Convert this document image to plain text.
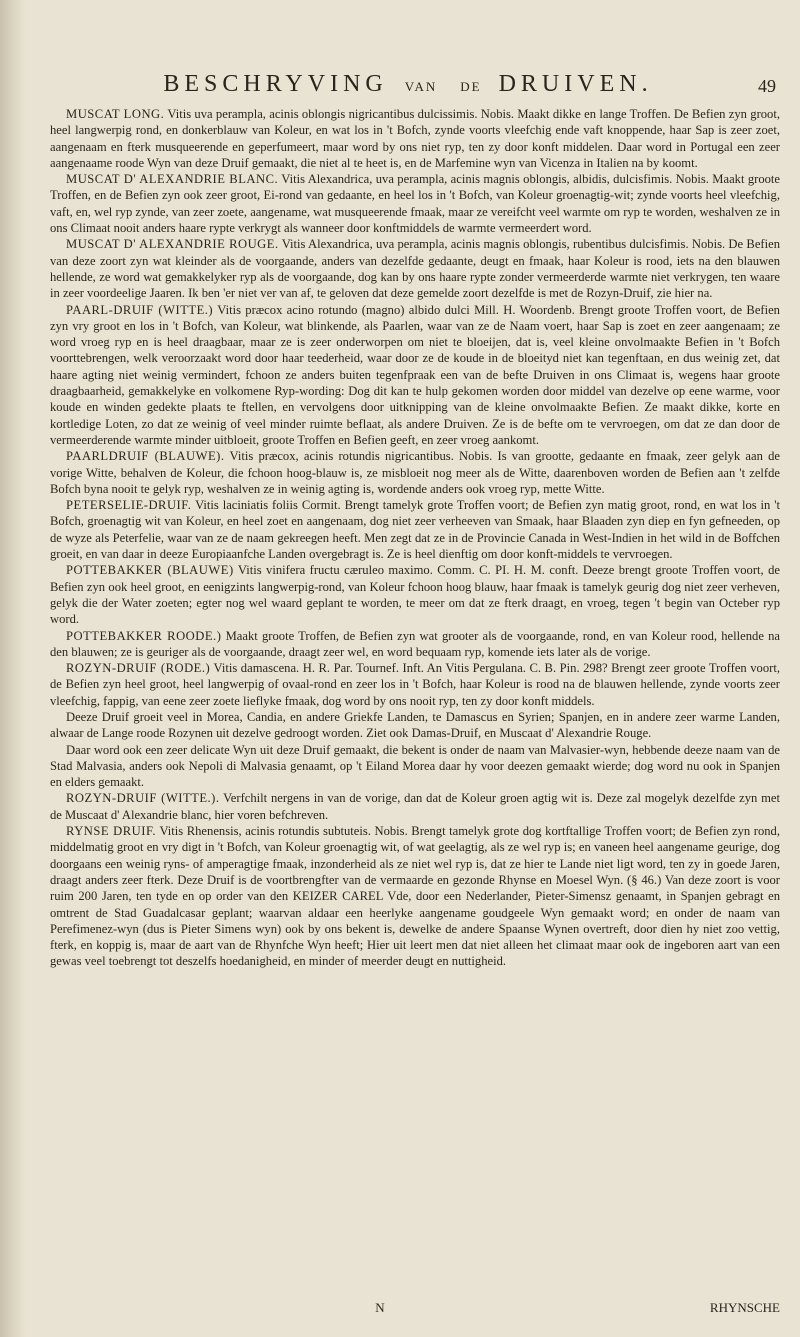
BESCHRYVING VAN DE DRUIVEN.	49

MUSCAT LONG. Vitis uva perampla, acinis oblongis nigricantibus dulcissimis. Nobis. Maakt dikke en lange Troffen. De Befien zyn groot, heel langwerpig rond, en donkerblauw van Koleur, en wat los in 't Bofch, zynde voorts vleefchig ende vaft knoppende, haar Sap is zeer zoet, aangenaam en fterk musqueerende en geperfumeert, maar word by ons niet ryp, ten zy door konft middelen. Daar word in Portugal een zeer aangenaame roode Wyn van deze Druif gemaakt, die niet al te heet is, en de Marfemine wyn van Vicenza in Italien na by koomt.

MUSCAT D' ALEXANDRIE BLANC. Vitis Alexandrica, uva perampla, acinis magnis oblongis, albidis, dulcisfimis. Nobis. Maakt groote Troffen, en de Befien zyn ook zeer groot, Ei-rond van gedaante, en heel los in 't Bofch, van Koleur groenagtig-wit; zynde voorts heel vleefchig, vaft, en, wel ryp zynde, van zeer zoete, aangename, wat musqueerende fmaak, maar ze vereifcht veel warmte om ryp te worden, weshalven ze in ons Climaat nooit anders haare rypte verkrygt als wanneer door konftmiddels de warmte vermeerdert word.

MUSCAT D' ALEXANDRIE ROUGE. Vitis Alexandrica, uva perampla, acinis magnis oblongis, rubentibus dulcisfimis. Nobis. De Befien van deze zoort zyn wat kleinder als de voorgaande, anders van dezelfde gedaante, deugt en fmaak, haar Koleur is rood, iets na den blauwen hellende, ze word wat gemakkelyker ryp als de voorgaande, dog kan by ons haare rypte zonder vermeerderde warmte niet verkrygen, ten waare in zeer voordeelige Jaaren. Ik ben 'er niet ver van af, te geloven dat deze gemelde zoort dezelfde is met de Rozyn-Druif, zie hier na.

PAARL-DRUIF (WITTE.) Vitis præcox acino rotundo (magno) albido dulci Mill. H. Woordenb. Brengt groote Troffen voort, de Befien zyn vry groot en los in 't Bofch, van Koleur, wat blinkende, als Paarlen, waar van ze de Naam voert, haar Sap is zoet en zeer aangenaam; ze word vroeg ryp en is heel draagbaar, maar ze is zeer onderworpen om niet te bloeijen, dat is, veel kleine onvolmaakte Befien in 't Bofch voorttebrengen, welk veroorzaakt word door haar teederheid, waar door ze de koude in de bloeityd niet kan tegenftaan, en dus weinig zet, dat haare agting niet weinig vermindert, fchoon ze anders buiten tegenfpraak een van de befte Druiven in ons Climaat is, wegens haar groote draagbaarheid, gemakkelyke en volkomene Ryp-wording: Dog dit kan te hulp gekomen worden door middel van dezelve op eene warme, voor koude en winden gedekte plaats te ftellen, en vervolgens door uitknipping van de kleine onvolmaakte Befien. Ze maakt dikke, korte en kortledige Loten, zo dat ze weinig of veel minder ruimte beflaat, als andere Druiven. Ze is de befte om te vervroegen, om dat ze dan door de vermeerderende warmte minder uitbloeit, groote Troffen en Befien geeft, en zeer vroeg aankomt.

PAARLDRUIF (BLAUWE). Vitis præcox, acinis rotundis nigricantibus. Nobis. Is van grootte, gedaante en fmaak, zeer gelyk aan de vorige Witte, behalven de Koleur, die fchoon hoog-blauw is, ze misbloeit nog meer als de Witte, daarenboven worden de Befien aan 't zelfde Bofch byna nooit te gelyk ryp, weshalven ze in weinig agting is, wordende anders ook vroeg ryp, mette Witte.

PETERSELIE-DRUIF. Vitis laciniatis foliis Cormit. Brengt tamelyk grote Troffen voort; de Befien zyn matig groot, rond, en wat los in 't Bofch, groenagtig wit van Koleur, en heel zoet en aangenaam, dog niet zeer verheeven van Smaak, haar Blaaden zyn diep en fyn gefneeden, op de wyze als Peterfelie, waar van ze de naam gekreegen heeft. Men zegt dat ze in de Provincie Canada in West-Indien in het wild in de Boffchen groeit, en van daar in deeze Europiaanfche Landen overgebragt is. Ze is heel dienftig om door konft-middels te vervroegen.

POTTEBAKKER (BLAUWE) Vitis vinifera fructu cæruleo maximo. Comm. C. PI. H. M. conft. Deeze brengt groote Troffen voort, de Befien zyn ook heel groot, en eenigzints langwerpig-rond, van Koleur fchoon hoog blauw, haar fmaak is tamelyk geurig dog niet zeer verheven, gelyk die der Water zoeten; egter nog wel waard geplant te worden, te meer om dat ze fterk draagt, en vroeg, tegen 't begin van Octeber ryp word.

POTTEBAKKER ROODE.) Maakt groote Troffen, de Befien zyn wat grooter als de voorgaande, rond, en van Koleur rood, hellende na den blauwen; ze is geuriger als de voorgaande, draagt zeer wel, en word bequaam ryp, komende iets later als de vorige.

ROZYN-DRUIF (RODE.) Vitis damascena. H. R. Par. Tournef. Inft. An Vitis Pergulana. C. B. Pin. 298? Brengt zeer groote Troffen voort, de Befien zyn heel groot, heel langwerpig of ovaal-rond en zeer los in 't Bofch, haar Koleur is rood na de blauwen hellende, zynde voorts zeer vleefchig, fappig, van eene zeer zoete lieflyke fmaak, dog word by ons nooit ryp, ten zy door konft middels.

Deeze Druif groeit veel in Morea, Candia, en andere Griekfe Landen, te Damascus en Syrien; Spanjen, en in andere zeer warme Landen, alwaar de Lange roode Rozynen uit dezelve gedroogt worden. Ziet ook Damas-Druif, en Muscaat d' Alexandrie Rouge.

Daar word ook een zeer delicate Wyn uit deze Druif gemaakt, die bekent is onder de naam van Malvasier-wyn, hebbende deeze naam van de Stad Malvasia, anders ook Nepoli di Malvasia genaamt, op 't Eiland Morea daar hy voor deezen gemaakt wierde; dog word nu ook in Spanjen en elders gemaakt.

ROZYN-DRUIF (WITTE.). Verfchilt nergens in van de vorige, dan dat de Koleur groen agtig wit is. Deze zal mogelyk dezelfde zyn met de Muscaat d' Alexandrie blanc, hier voren befchreven.

RYNSE DRUIF. Vitis Rhenensis, acinis rotundis subtuteis. Nobis. Brengt tamelyk grote dog kortftallige Troffen voort; de Befien zyn rond, middelmatig groot en vry digt in 't Bofch, van Koleur groenagtig wit, of wat geelagtig, als ze wel ryp is; en vaneen heel aangename geurige, dog doorgaans een weinig ryns- of amperagtige fmaak, inzonderheid als ze niet wel ryp is, dat ze hier te Lande niet ligt word, ten zy in goede Jaren, draagt anders zeer fterk. Deze Druif is de voortbrengfter van de vermaarde en gezonde Rhynse en Moesel Wyn. (§ 46.) Van deze zoort is voor ruim 200 Jaren, ten tyde en op order van den KEIZER CAREL Vde, door een Nederlander, Pieter-Simensz genaamt, in Spanjen gebragt en omtrent de Stad Guadalcasar geplant; waarvan aldaar een heerlyke aangename goudgeele Wyn gemaakt word; en onder de naam van Perefimenez-wyn (dus is Pieter Simens wyn) ook by ons bekent is, dewelke de andere Spaanse Wynen overtreft, door dien hy niet zoo vettig, fterk, en koppig is, maar de aart van de Rhynfche Wyn heeft; Hier uit leert men dat niet alleen het climaat maar ook de ingeboren aart van een gewas veel toebrengt tot deszelfs hoedanigheid, en minder of meerder deugt en nuttigheid.

N	RHYNSCHE
